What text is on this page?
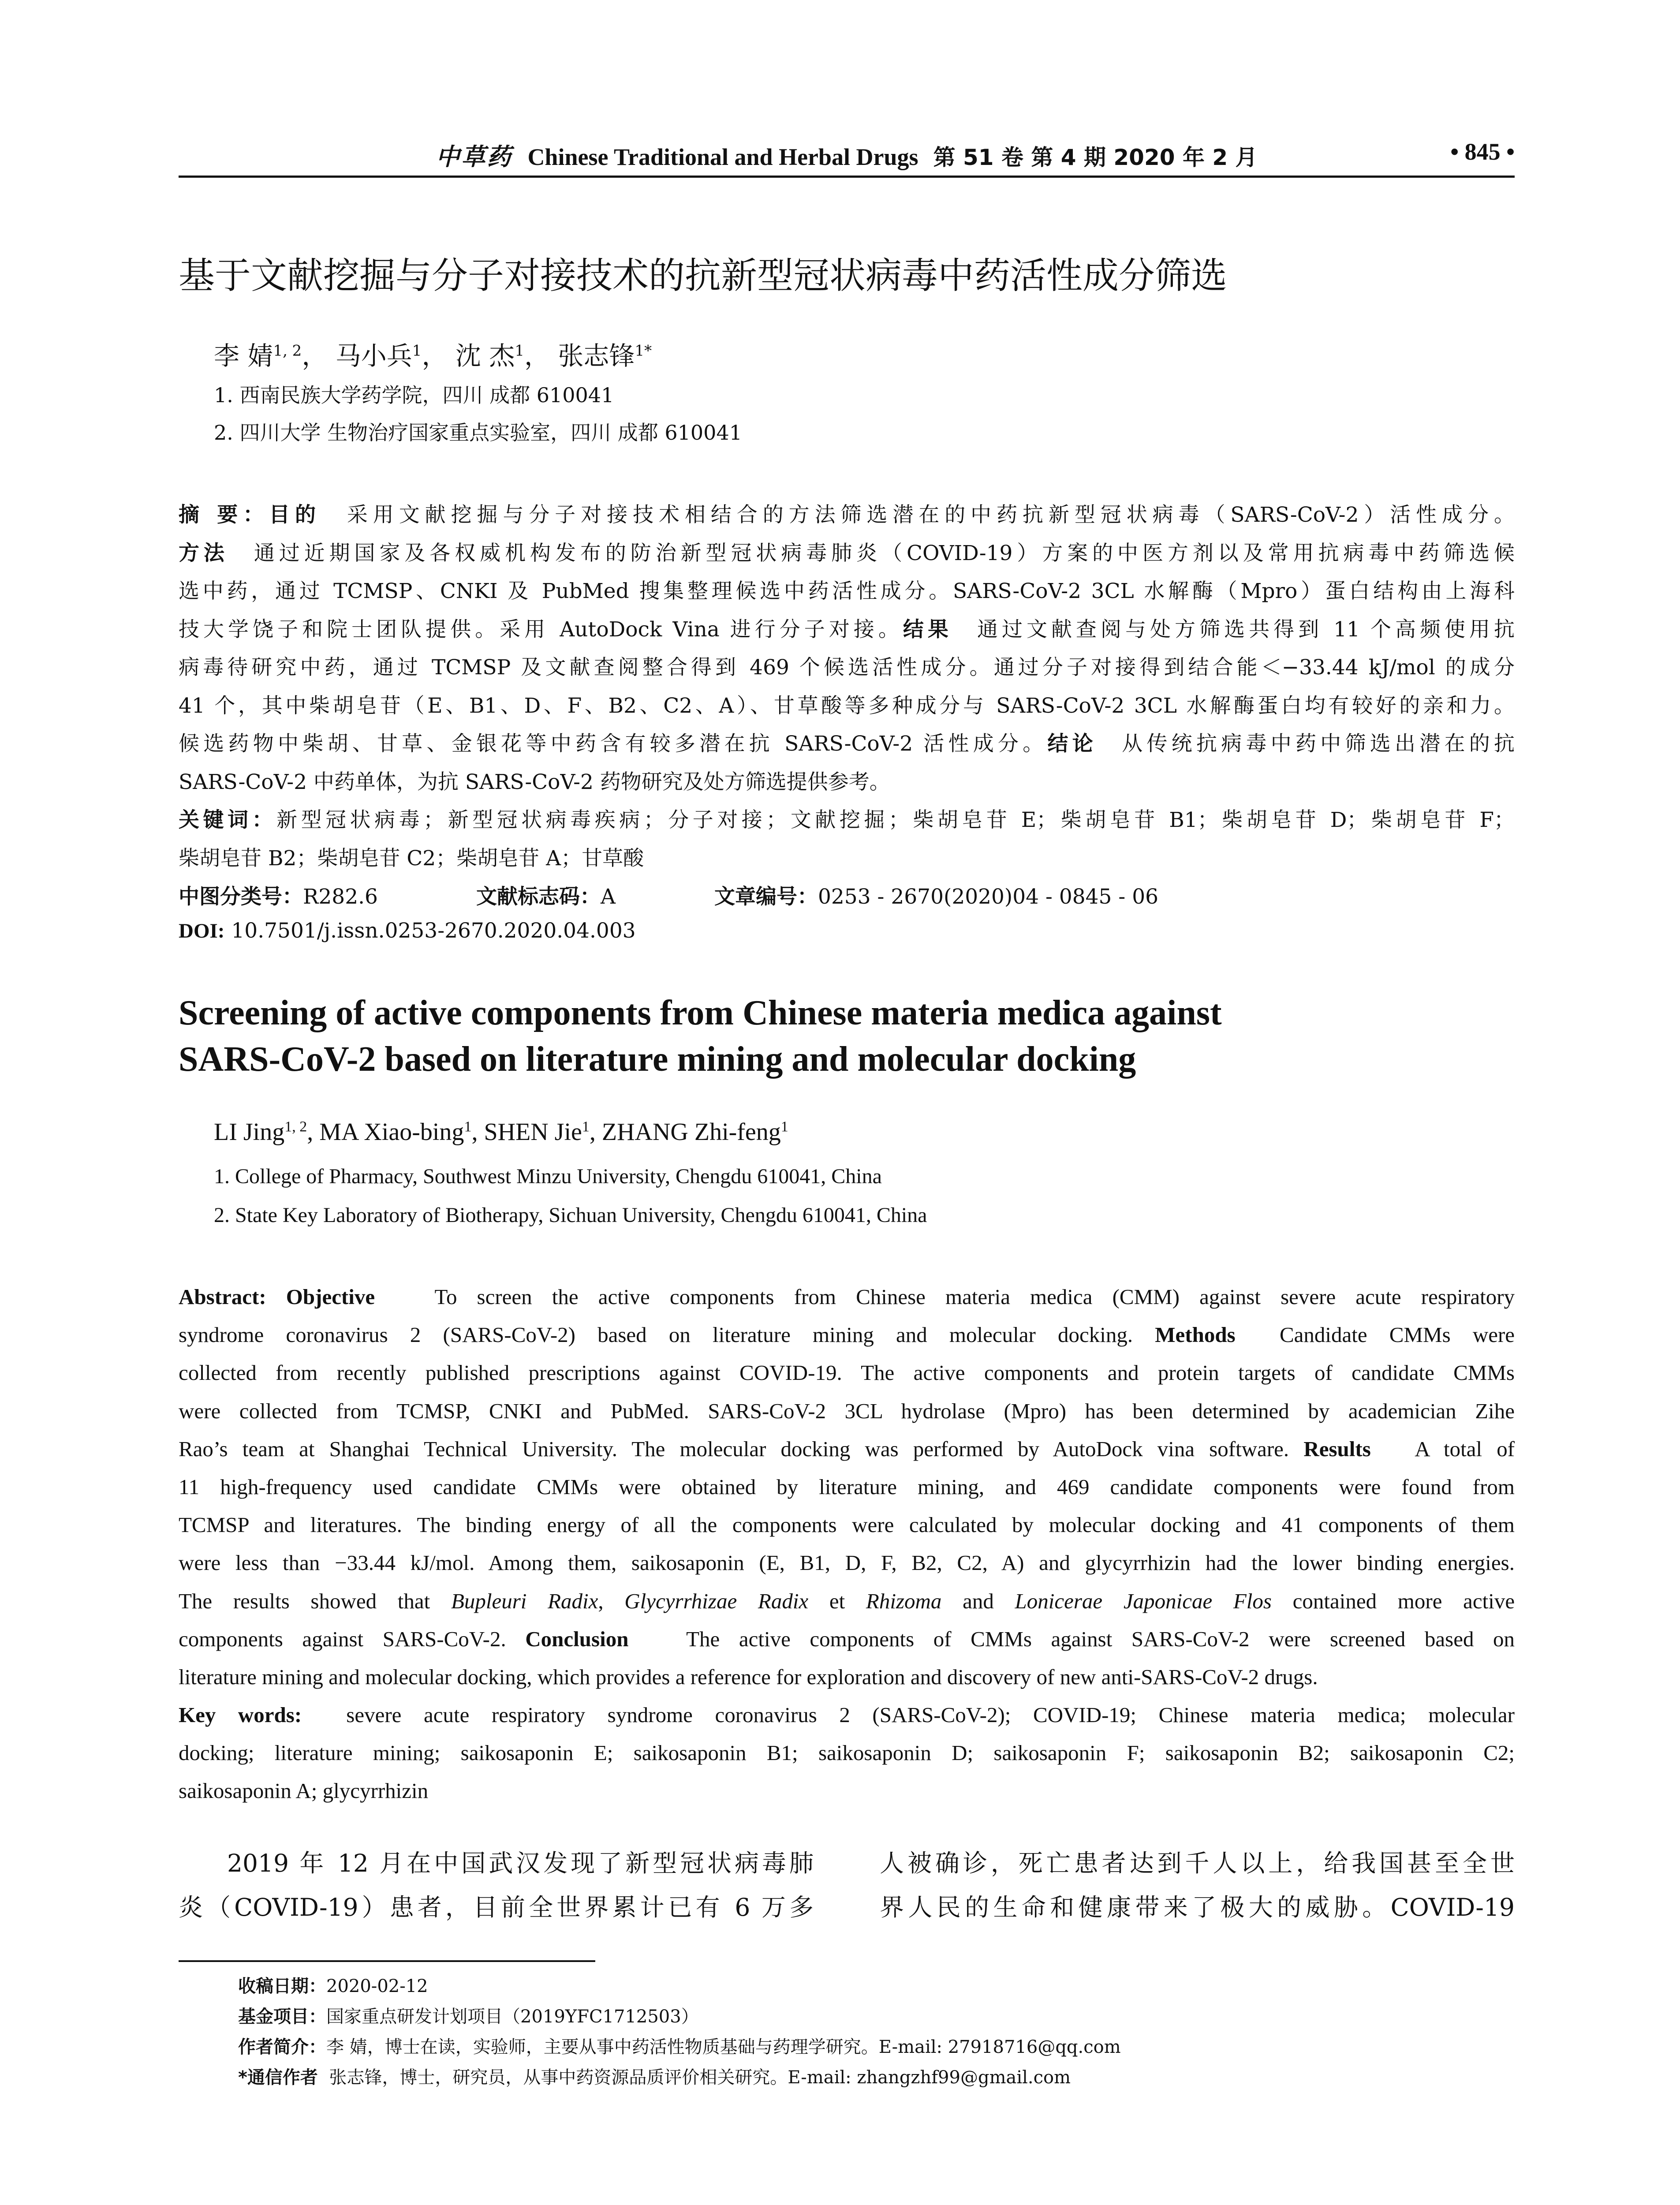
中草药 Chinese Traditional and Herbal Drugs 第 51 卷 第 4 期 2020 年 2 月	• 845 •
基于文献挖掘与分子对接技术的抗新型冠状病毒中药活性成分筛选
李 婧$^{1, 2}$， 马小兵$^1$， 沈 杰$^1$， 张志锋$^{1*}$
1. 西南民族大学药学院，四川 成都 610041
2. 四川大学 生物治疗国家重点实验室，四川 成都 610041
摘 要：目的　 采用文献挖掘与分子对接技术相结合的方法筛选潜在的中药抗新型冠状病毒（SARS-CoV-2）活性成分。
方法　 通过近期国家及各权威机构发布的防治新型冠状病毒肺炎（COVID-19）方案的中医方剂以及常用抗病毒中药筛选候
选中药，通过 TCMSP、CNKI 及 PubMed 搜集整理候选中药活性成分。SARS-CoV-2 3CL 水解酶（Mpro）蛋白结构由上海科
技大学饶子和院士团队提供。采用 AutoDock Vina 进行分子对接。结果　 通过文献查阅与处方筛选共得到 11 个高频使用抗
病毒待研究中药，通过 TCMSP 及文献查阅整合得到 469 个候选活性成分。通过分子对接得到结合能＜−33.44 kJ/mol 的成分
41 个，其中柴胡皂苷（E、B1、D、F、B2、C2、A）、甘草酸等多种成分与 SARS-CoV-2 3CL 水解酶蛋白均有较好的亲和力。
候选药物中柴胡、甘草、金银花等中药含有较多潜在抗 SARS-CoV-2 活性成分。结论　 从传统抗病毒中药中筛选出潜在的抗
SARS-CoV-2 中药单体，为抗 SARS-CoV-2 药物研究及处方筛选提供参考。
关键词：新型冠状病毒；新型冠状病毒疾病；分子对接；文献挖掘；柴胡皂苷 E；柴胡皂苷 B1；柴胡皂苷 D；柴胡皂苷 F；
柴胡皂苷 B2；柴胡皂苷 C2；柴胡皂苷 A；甘草酸
中图分类号：R282.6	文献标志码：A	文章编号：0253 - 2670(2020)04 - 0845 - 06
DOI: 10.7501/j.issn.0253-2670.2020.04.003
Screening of active components from Chinese materia medica against
SARS-CoV-2 based on literature mining and molecular docking
LI Jing$^{1, 2}$, MA Xiao-bing$^1$, SHEN Jie$^1$, ZHANG Zhi-feng$^1$
1. College of Pharmacy, Southwest Minzu University, Chengdu 610041, China
2. State Key Laboratory of Biotherapy, Sichuan University, Chengdu 610041, China
Abstract: Objective	To screen the active components from Chinese materia medica (CMM) against severe acute respiratory
syndrome coronavirus 2 (SARS-CoV-2) based on literature mining and molecular docking. Methods Candidate CMMs were
collected from recently published prescriptions against COVID-19. The active components and protein targets of candidate CMMs
were collected from TCMSP, CNKI and PubMed. SARS-CoV-2 3CL hydrolase (Mpro) has been determined by academician Zihe
Rao’s team at Shanghai Technical University. The molecular docking was performed by AutoDock vina software. Results A total of
11 high-frequency used candidate CMMs were obtained by literature mining, and 469 candidate components were found from
TCMSP and literatures. The binding energy of all the components were calculated by molecular docking and 41 components of them
were less than −33.44 kJ/mol. Among them, saikosaponin (E, B1, D, F, B2, C2, A) and glycyrrhizin had the lower binding energies.
The results showed that Bupleuri Radix, Glycyrrhizae Radix et Rhizoma and Lonicerae Japonicae Flos contained more active
components against SARS-CoV-2. Conclusion	The active components of CMMs against SARS-CoV-2 were screened based on
literature mining and molecular docking, which provides a reference for exploration and discovery of new anti-SARS-CoV-2 drugs.
Key words: severe acute respiratory syndrome coronavirus 2 (SARS-CoV-2); COVID-19; Chinese materia medica; molecular
docking; literature mining; saikosaponin E; saikosaponin B1; saikosaponin D; saikosaponin F; saikosaponin B2; saikosaponin C2;
saikosaponin A; glycyrrhizin
2019 年 12 月在中国武汉发现了新型冠状病毒肺
炎（COVID-19）患者，目前全世界累计已有 6 万多
人被确诊，死亡患者达到千人以上，给我国甚至全世
界人民的生命和健康带来了极大的威胁。COVID-19
收稿日期：2020-02-12
基金项目：国家重点研发计划项目（2019YFC1712503）
作者简介：李 婧，博士在读，实验师，主要从事中药活性物质基础与药理学研究。E-mail: 27918716@qq.com
*通信作者 张志锋，博士，研究员，从事中药资源品质评价相关研究。E-mail: zhangzhf99@gmail.com
